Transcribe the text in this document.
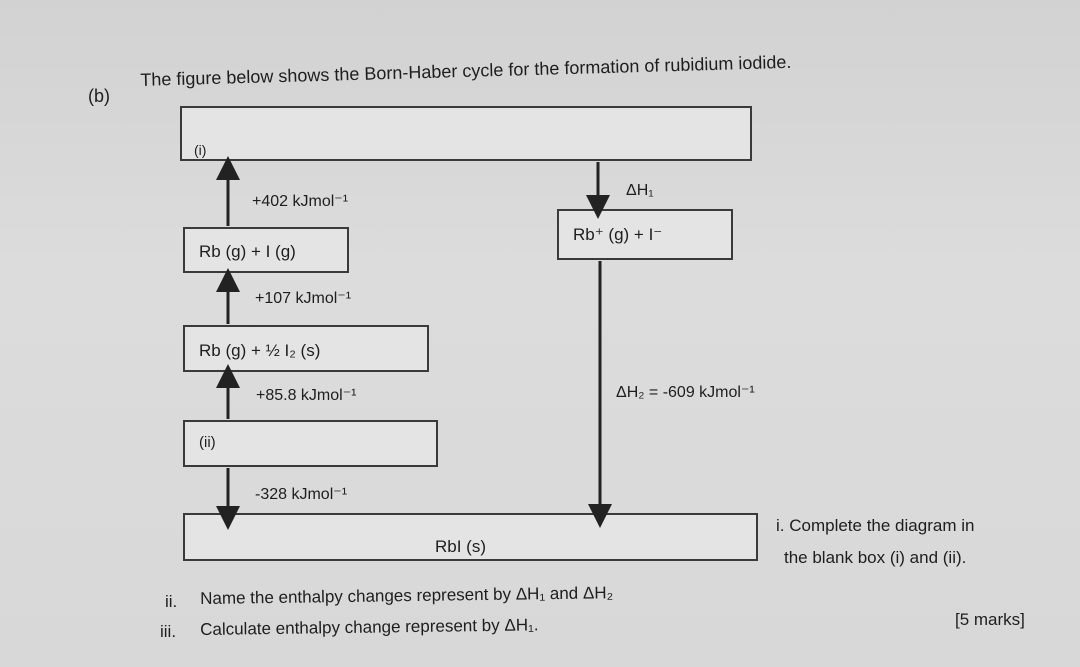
(b)
The figure below shows the Born-Haber cycle for the formation of rubidium iodide.
(i)
Rb⁺ (g) + I⁻
Rb (g) + I (g)
Rb (g) + ½ I₂ (s)
(ii)
RbI (s)
+402 kJmol⁻¹
ΔH₁
+107 kJmol⁻¹
+85.8 kJmol⁻¹	ΔH₂ = -609 kJmol⁻¹
-328 kJmol⁻¹
i. Complete the diagram in
the blank box (i) and (ii).
ii. Name the enthalpy changes represent by ΔH₁ and ΔH₂
iii. Calculate enthalpy change represent by ΔH₁.	[5 marks]
